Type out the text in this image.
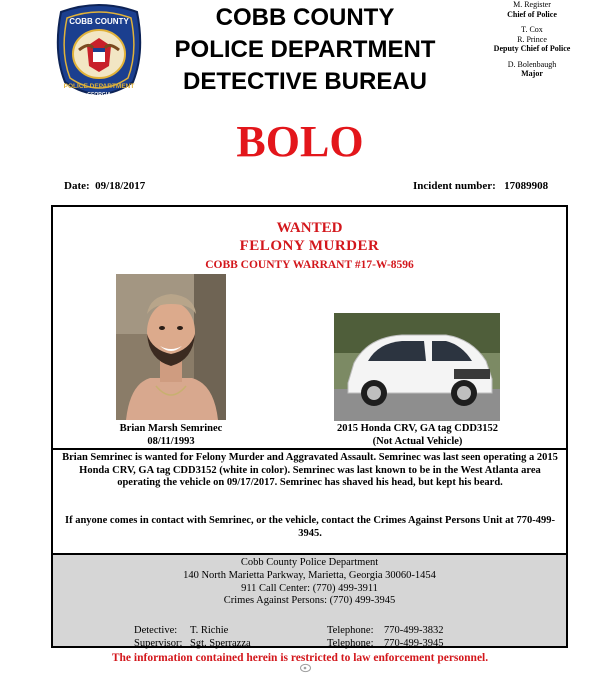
COBB COUNTY
POLICE DEPARTMENT
GEORGIA
COBB COUNTY
POLICE DEPARTMENT
DETECTIVE BUREAU
M. Register
Chief of Police
T. Cox
R. Prince
Deputy Chief of Police
D. Bolenbaugh
Major
BOLO
Date: 09/18/2017	Incident number: 17089908
WANTED
FELONY MURDER
COBB COUNTY WARRANT #17-W-8596
Brian Marsh Semrinec
08/11/1993
2015 Honda CRV, GA tag CDD3152
(Not Actual Vehicle)
Brian Semrinec is wanted for Felony Murder and Aggravated Assault. Semrinec was last seen operating a 2015 Honda CRV, GA tag CDD3152 (white in color). Semrinec was last known to be in the West Atlanta area operating the vehicle on 09/17/2017. Semrinec has shaved his head, but kept his beard.
If anyone comes in contact with Semrinec, or the vehicle, contact the Crimes Against Persons Unit at 770-499-3945.
Cobb County Police Department
140 North Marietta Parkway, Marietta, Georgia 30060-1454
911 Call Center: (770) 499-3911
Crimes Against Persons: (770) 499-3945
Detective: T. Richie
Supervisor: Sgt. Sperrazza
Telephone: 770-499-3832
Telephone: 770-499-3945
The information contained herein is restricted to law enforcement personnel.
